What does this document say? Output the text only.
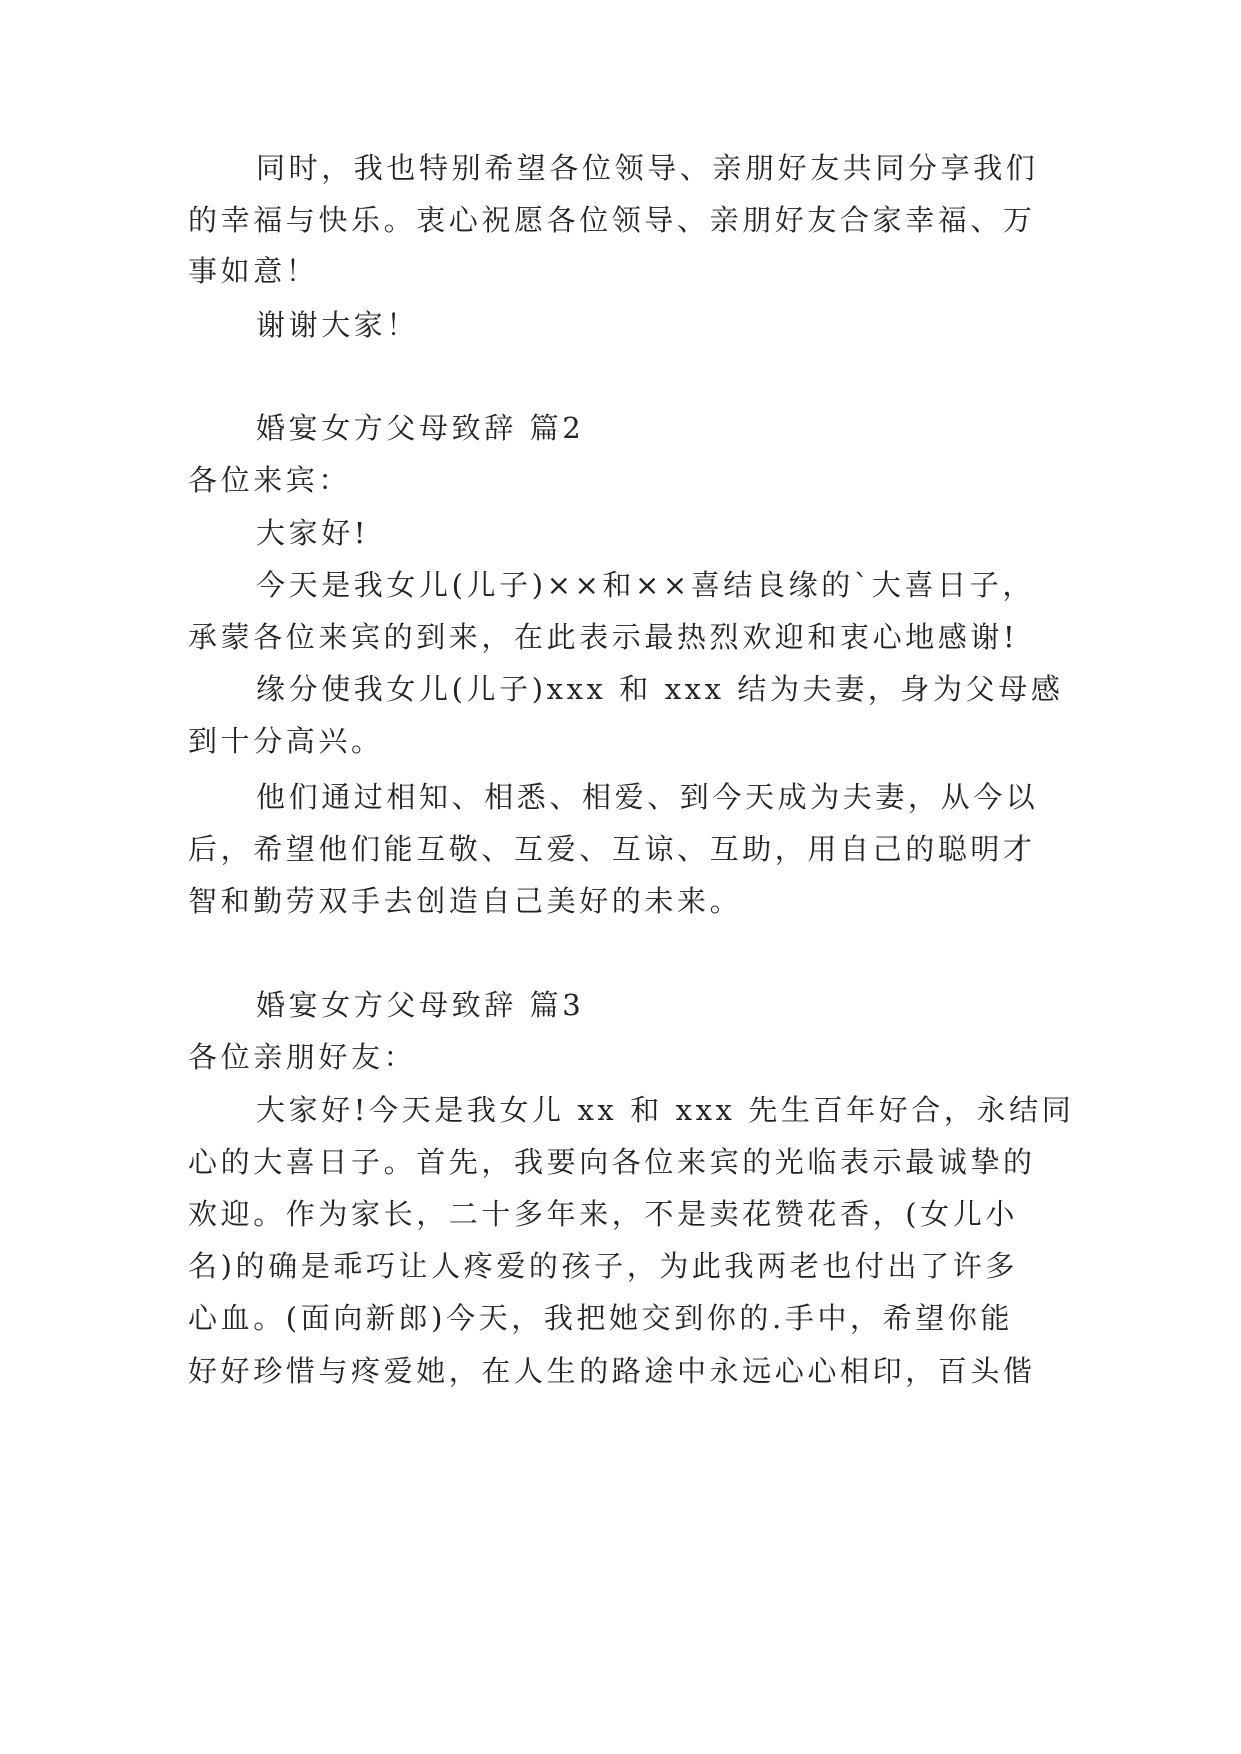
同时，我也特别希望各位领导、亲朋好友共同分享我们
的幸福与快乐。衷心祝愿各位领导、亲朋好友合家幸福、万
事如意！
谢谢大家！
婚宴女方父母致辞 篇2
各位来宾：
大家好!
今天是我女儿(儿子)××和××喜结良缘的`大喜日子，
承蒙各位来宾的到来，在此表示最热烈欢迎和衷心地感谢!
缘分使我女儿(儿子)xxx 和 xxx 结为夫妻，身为父母感
到十分高兴。
他们通过相知、相悉、相爱、到今天成为夫妻，从今以
后，希望他们能互敬、互爱、互谅、互助，用自己的聪明才
智和勤劳双手去创造自己美好的未来。
婚宴女方父母致辞 篇3
各位亲朋好友：
大家好!今天是我女儿 xx 和 xxx 先生百年好合，永结同
心的大喜日子。首先，我要向各位来宾的光临表示最诚挚的
欢迎。作为家长，二十多年来，不是卖花赞花香，(女儿小
名)的确是乖巧让人疼爱的孩子，为此我两老也付出了许多
心血。(面向新郎)今天，我把她交到你的.手中，希望你能
好好珍惜与疼爱她，在人生的路途中永远心心相印，百头偕
